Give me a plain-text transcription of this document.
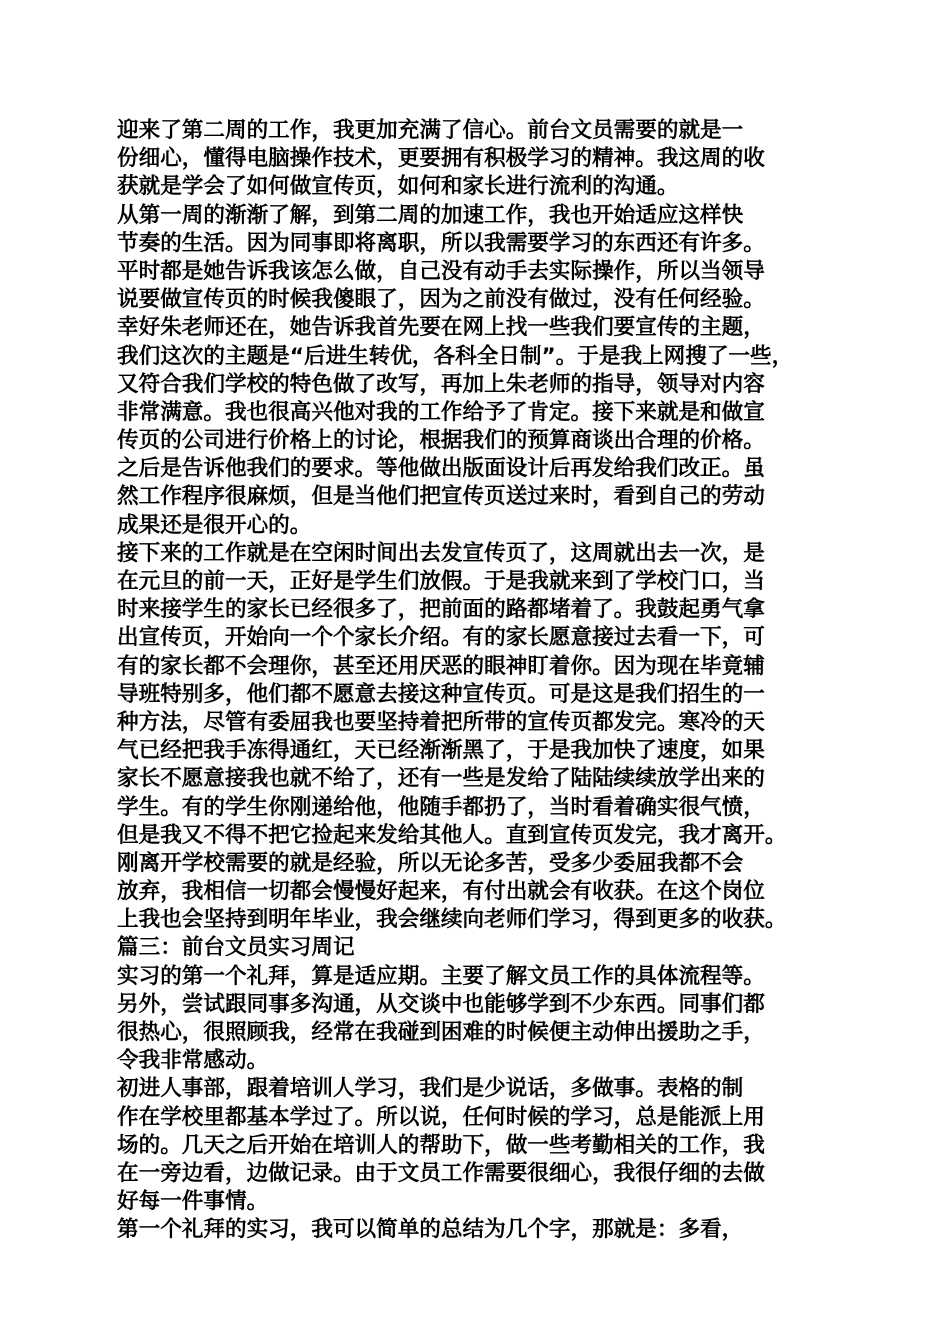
迎来了第二周的工作，我更加充满了信心。前台文员需要的就是一
份细心，懂得电脑操作技术，更要拥有积极学习的精神。我这周的收
获就是学会了如何做宣传页，如何和家长进行流利的沟通。
从第一周的渐渐了解，到第二周的加速工作，我也开始适应这样快
节奏的生活。因为同事即将离职，所以我需要学习的东西还有许多。
平时都是她告诉我该怎么做，自己没有动手去实际操作，所以当领导
说要做宣传页的时候我傻眼了，因为之前没有做过，没有任何经验。
幸好朱老师还在，她告诉我首先要在网上找一些我们要宣传的主题，
我们这次的主题是“后进生转优，各科全日制”。于是我上网搜了一些，
又符合我们学校的特色做了改写，再加上朱老师的指导，领导对内容
非常满意。我也很高兴他对我的工作给予了肯定。接下来就是和做宣
传页的公司进行价格上的讨论，根据我们的预算商谈出合理的价格。
之后是告诉他我们的要求。等他做出版面设计后再发给我们改正。虽
然工作程序很麻烦，但是当他们把宣传页送过来时，看到自己的劳动
成果还是很开心的。
接下来的工作就是在空闲时间出去发宣传页了，这周就出去一次，是
在元旦的前一天，正好是学生们放假。于是我就来到了学校门口，当
时来接学生的家长已经很多了，把前面的路都堵着了。我鼓起勇气拿
出宣传页，开始向一个个家长介绍。有的家长愿意接过去看一下，可
有的家长都不会理你，甚至还用厌恶的眼神盯着你。因为现在毕竟辅
导班特别多，他们都不愿意去接这种宣传页。可是这是我们招生的一
种方法，尽管有委屈我也要坚持着把所带的宣传页都发完。寒冷的天
气已经把我手冻得通红，天已经渐渐黑了，于是我加快了速度，如果
家长不愿意接我也就不给了，还有一些是发给了陆陆续续放学出来的
学生。有的学生你刚递给他，他随手都扔了，当时看着确实很气愤，
但是我又不得不把它捡起来发给其他人。直到宣传页发完，我才离开。
刚离开学校需要的就是经验，所以无论多苦，受多少委屈我都不会
放弃，我相信一切都会慢慢好起来，有付出就会有收获。在这个岗位
上我也会坚持到明年毕业，我会继续向老师们学习，得到更多的收获。
篇三：前台文员实习周记
实习的第一个礼拜，算是适应期。主要了解文员工作的具体流程等。
另外，尝试跟同事多沟通，从交谈中也能够学到不少东西。同事们都
很热心，很照顾我，经常在我碰到困难的时候便主动伸出援助之手，
令我非常感动。
初进人事部，跟着培训人学习，我们是少说话，多做事。表格的制
作在学校里都基本学过了。所以说，任何时候的学习，总是能派上用
场的。几天之后开始在培训人的帮助下，做一些考勤相关的工作，我
在一旁边看，边做记录。由于文员工作需要很细心，我很仔细的去做
好每一件事情。
第一个礼拜的实习，我可以简单的总结为几个字，那就是：多看，
